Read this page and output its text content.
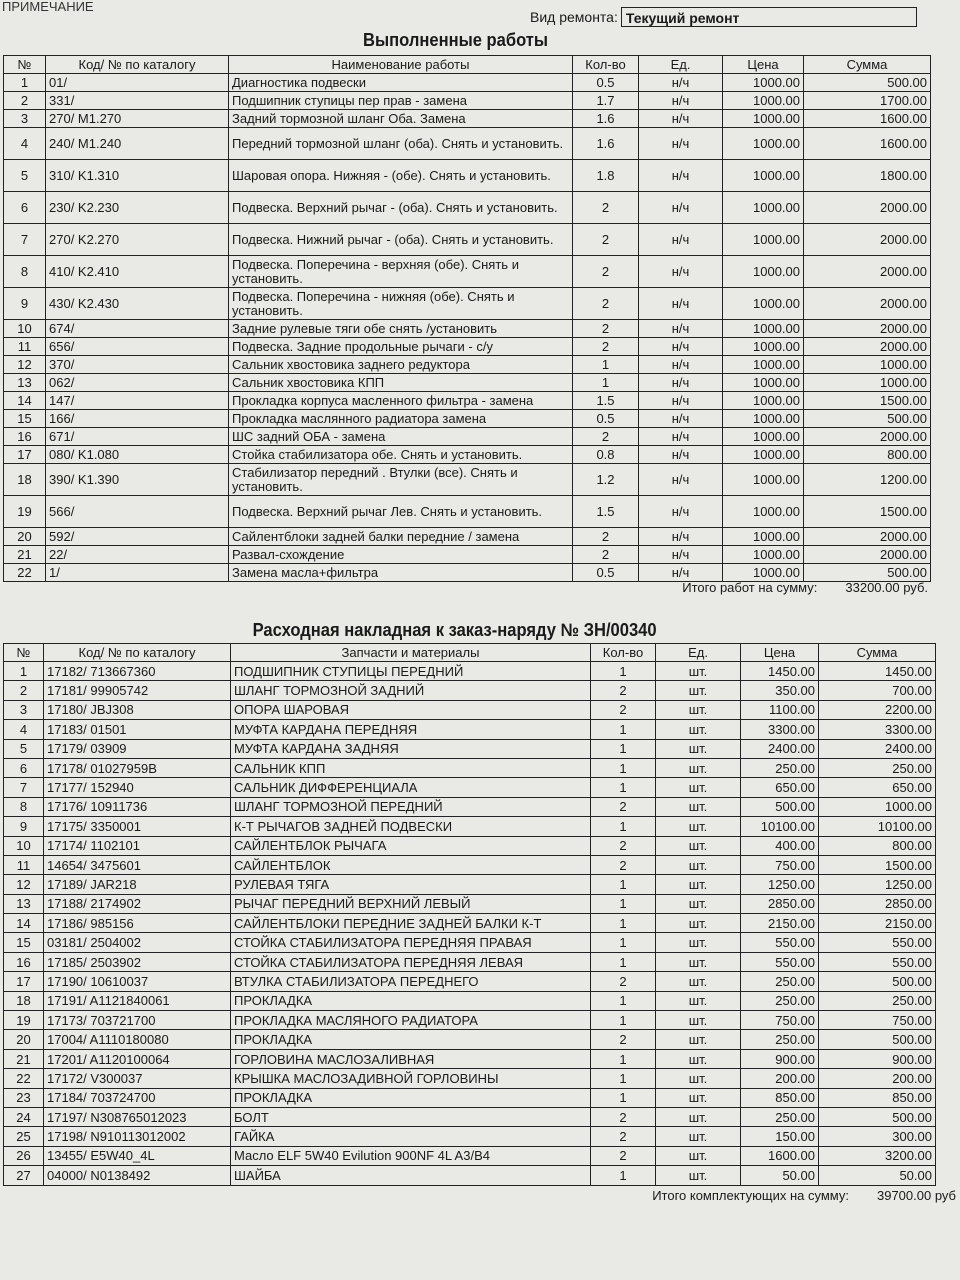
ПРИМЕЧАНИЕ
Вид ремонта: Текущий ремонт
Выполненные работы
№	Код/ № по каталогу	Наименование работы	Кол-во	Ед.	Цена	Сумма
1	01/	Диагностика подвески	0.5	н/ч	1000.00	500.00
2	331/	Подшипник ступицы пер прав - замена	1.7	н/ч	1000.00	1700.00
3	270/ M1.270	Задний тормозной шланг Оба. Замена	1.6	н/ч	1000.00	1600.00
4	240/ M1.240	Передний тормозной шланг (оба). Снять и установить.	1.6	н/ч	1000.00	1600.00
5	310/ K1.310	Шаровая опора. Нижняя - (обе). Снять и установить.	1.8	н/ч	1000.00	1800.00
6	230/ K2.230	Подвеска. Верхний рычаг - (оба). Снять и установить.	2	н/ч	1000.00	2000.00
7	270/ K2.270	Подвеска. Нижний рычаг - (оба). Снять и установить.	2	н/ч	1000.00	2000.00
8	410/ K2.410	Подвеска. Поперечина - верхняя (обе). Снять и установить.	2	н/ч	1000.00	2000.00
9	430/ K2.430	Подвеска. Поперечина - нижняя (обе). Снять и установить.	2	н/ч	1000.00	2000.00
10	674/	Задние рулевые тяги обе снять /установить	2	н/ч	1000.00	2000.00
11	656/	Подвеска. Задние продольные рычаги - с/у	2	н/ч	1000.00	2000.00
12	370/	Сальник хвостовика заднего редуктора	1	н/ч	1000.00	1000.00
13	062/	Сальник хвостовика КПП	1	н/ч	1000.00	1000.00
14	147/	Прокладка корпуса масленного фильтра - замена	1.5	н/ч	1000.00	1500.00
15	166/	Прокладка маслянного радиатора замена	0.5	н/ч	1000.00	500.00
16	671/	ШС задний ОБА - замена	2	н/ч	1000.00	2000.00
17	080/ K1.080	Стойка стабилизатора обе. Снять и установить.	0.8	н/ч	1000.00	800.00
18	390/ K1.390	Стабилизатор передний . Втулки (все). Снять и установить.	1.2	н/ч	1000.00	1200.00
19	566/	Подвеска. Верхний рычаг Лев. Снять и установить.	1.5	н/ч	1000.00	1500.00
20	592/	Сайлентблоки задней балки передние / замена	2	н/ч	1000.00	2000.00
21	22/	Развал-схождение	2	н/ч	1000.00	2000.00
22	1/	Замена масла+фильтра	0.5	н/ч	1000.00	500.00
Итого работ на сумму: 33200.00 руб.
Расходная накладная к заказ-наряду № ЗН/00340
№	Код/ № по каталогу	Запчасти и материалы	Кол-во	Ед.	Цена	Сумма
1	17182/ 713667360	ПОДШИПНИК СТУПИЦЫ ПЕРЕДНИЙ	1	шт.	1450.00	1450.00
2	17181/ 99905742	ШЛАНГ ТОРМОЗНОЙ ЗАДНИЙ	2	шт.	350.00	700.00
3	17180/ JBJ308	ОПОРА ШАРОВАЯ	2	шт.	1100.00	2200.00
4	17183/ 01501	МУФТА КАРДАНА ПЕРЕДНЯЯ	1	шт.	3300.00	3300.00
5	17179/ 03909	МУФТА КАРДАНА ЗАДНЯЯ	1	шт.	2400.00	2400.00
6	17178/ 01027959B	САЛЬНИК КПП	1	шт.	250.00	250.00
7	17177/ 152940	САЛЬНИК ДИФФЕРЕНЦИАЛА	1	шт.	650.00	650.00
8	17176/ 10911736	ШЛАНГ ТОРМОЗНОЙ ПЕРЕДНИЙ	2	шт.	500.00	1000.00
9	17175/ 3350001	К-Т РЫЧАГОВ ЗАДНЕЙ ПОДВЕСКИ	1	шт.	10100.00	10100.00
10	17174/ 1102101	САЙЛЕНТБЛОК РЫЧАГА	2	шт.	400.00	800.00
11	14654/ 3475601	САЙЛЕНТБЛОК	2	шт.	750.00	1500.00
12	17189/ JAR218	РУЛЕВАЯ ТЯГА	1	шт.	1250.00	1250.00
13	17188/ 2174902	РЫЧАГ ПЕРЕДНИЙ ВЕРХНИЙ ЛЕВЫЙ	1	шт.	2850.00	2850.00
14	17186/ 985156	САЙЛЕНТБЛОКИ ПЕРЕДНИЕ ЗАДНЕЙ БАЛКИ К-Т	1	шт.	2150.00	2150.00
15	03181/ 2504002	СТОЙКА СТАБИЛИЗАТОРА ПЕРЕДНЯЯ ПРАВАЯ	1	шт.	550.00	550.00
16	17185/ 2503902	СТОЙКА СТАБИЛИЗАТОРА ПЕРЕДНЯЯ ЛЕВАЯ	1	шт.	550.00	550.00
17	17190/ 10610037	ВТУЛКА СТАБИЛИЗАТОРА ПЕРЕДНЕГО	2	шт.	250.00	500.00
18	17191/ A1121840061	ПРОКЛАДКА	1	шт.	250.00	250.00
19	17173/ 703721700	ПРОКЛАДКА МАСЛЯНОГО РАДИАТОРА	1	шт.	750.00	750.00
20	17004/ A1110180080	ПРОКЛАДКА	2	шт.	250.00	500.00
21	17201/ A1120100064	ГОРЛОВИНА МАСЛОЗАЛИВНАЯ	1	шт.	900.00	900.00
22	17172/ V300037	КРЫШКА МАСЛОЗАДИВНОЙ ГОРЛОВИНЫ	1	шт.	200.00	200.00
23	17184/ 703724700	ПРОКЛАДКА	1	шт.	850.00	850.00
24	17197/ N308765012023	БОЛТ	2	шт.	250.00	500.00
25	17198/ N910113012002	ГАЙКА	2	шт.	150.00	300.00
26	13455/ E5W40_4L	Масло ELF 5W40 Evilution 900NF 4L A3/B4	2	шт.	1600.00	3200.00
27	04000/ N0138492	ШАЙБА	1	шт.	50.00	50.00
Итого комплектующих на сумму: 39700.00 руб
